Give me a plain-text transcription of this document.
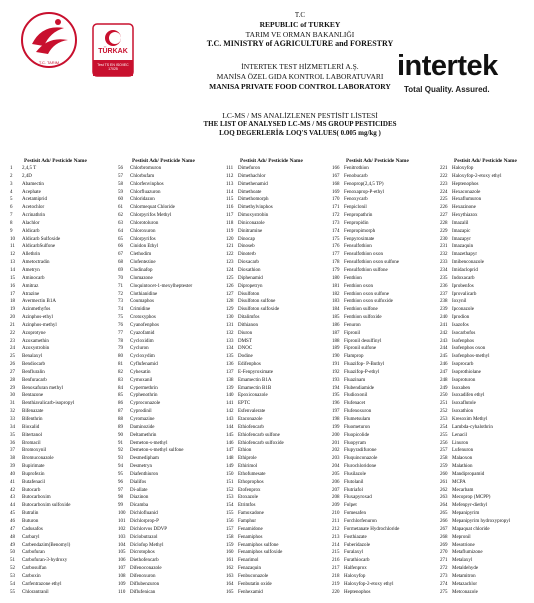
T.C. TARIM
TÜRKAK
Test TS EN ISO/IEC 17025
T.C
REPUBLIC of TURKEY
TARIM VE ORMAN BAKANLIĞI
T.C. MINISTRY of AGRICULTURE and FORESTRY
İNTERTEK TEST HİZMETLERİ A.Ş.
MANİSA ÖZEL GIDA KONTROL LABORATUVARI
MANISA PRIVATE FOOD CONTROL LABORATORY
LC-MS / MS ANALİZLENEN PESTİSİT LİSTESİ
THE LIST OF ANALYSED LC-MS / MS GROUP PESTICIDES
LOQ DEGERLERİ& LOQ'S VALUES( 0.005 mg/kg )
intertek
Total Quality. Assured.
Pestisit Adı/ Pesticide Name
1	2,4,5 T
2	2,4D
3	Abamectin
4	Acephate
5	Acetamiprid
6	Acetochlor
7	Acrinathrin
8	Alachlor
9	Aldicarb
10	Aldicarb Sulfoxide
11	AldicarbSulfone
12	Allethrin
13	Ametoctradin
14	Ametryn
15	Aminocarb
16	Amitraz
17	Atrazine
18	Avermectin B1A
19	Azinmethyfos
20	Azinphos-ethyl
21	Azinphos-methyl
22	Azoprotyne
23	Azoxamethin
24	Azoxystrobin
25	Benalaxyl
26	Bendiocarb
27	Benfluralin
28	Benfuracarb
29	Benoxafuran methyl
30	Bentazone
31	Benthiavalicarb-isopropyl
32	Bifenazate
33	Bifenthrin
34	Bioxalid
35	Bitertanol
36	Bromacil
37	Bromoxynil
38	Bromuconazole
39	Bupirimate
40	Buprofezin
41	Butafenacil
42	Butocarb
43	Butocarboxim
44	Butocarboxim sulfoxide
45	Butralin
46	Buturon
47	Cadusafos
48	Carbaryl
49	Carbendazim(Benomyl)
50	Carbofuran
51	Carbofuran-3-hydroxy
52	Carbosulfan
53	Carboxin
54	Carfentrazone ethyl
55	Chlorantranil
Pestisit Adı/ Pesticide Name
56	Chlorbromuron
57	Chlorbufam
58	Chlorfenvinphos
59	Chlorfluazuron
60	Chloridazon
61	Chlormequat Chloride
62	Chlorpyrifos Methyl
63	Chlorotoluron
64	Chloroxuron
65	Chlorpyrifos
66	Cinidon Ethyl
67	Clethodim
68	Clofentezine
69	Clodinafop
70	Clomazone
71	Cloquintocet-1-mexylheptester
72	Clothianidine
73	Coumaphos
74	Crimidine
75	Crotoxyphos
76	Cyanofenphos
77	Cyazofamid
78	Cycloxidim
79	Cycluron
80	Cycloxydim
81	Cyflufenamid
82	Cyhexatin
83	Cymoxanil
84	Cypermethrin
85	Cyphenothrin
86	Cyproconazole
87	Cyprodinil
88	Cyromazine
89	Daminozide
90	Deltamethrin
91	Demeton-s-methyl
92	Demeton-s-methyl sulfone
93	Desmedipham
94	Desmetryn
95	Diafenthiuron
96	Dialifos
97	Di-allate
98	Diazinon
99	Dicamba
100 Dichlofluanid
101 Dichlorprop-P
102 Dichlorvos DDVP
103 Diclobutrazol
104 Diclofop Methyl
105 Dicrotophos
106 Diethofencarb
107 Difenoconazole
108 Difenoxuron
109 Diflubenzuron
110 Diflufenican
Pestisit Adı/ Pesticide Name
111 Dimefuron
112 Dimethachlor
113 Dimethenamid
114 Dimethoate
115 Dimethomorph
116 Dimethylvinphos
117 Dimoxystrobin
118 Diniconazole
119 Dinitramine
120 Dinocap
121 Dinoseb
122 Dinoterb
123 Dioxacarb
124 Dioxathion
125 Diphenamid
126 Dipropetryn
127 Disulfoton
128 Disulfoton sulfone
129 Disulfoton sulfoxide
130 Ditalimfos
131 Dithianon
132 Diuron
133 DMST
134 DNOC
135 Dodine
136 Edifenphos
137 E-Fenpyroximate
138 Emamectin B1A
139 Emamectin B1B
140 Epoxiconazole
141 EPTC
142 Esfenvalerate
143 Etaconazole
144 Ethiofencarb
145 Ethiofencarb sulfone
146 Ethiofencarb sulfoxide
147 Ethion
148 Ethiprole
149 Ethirimol
150 Ethofumesate
151 Ethoprophos
152 Etofenprox
153 Etoxazole
154 Etrimfos
155 Famoxadone
156 Famphur
157 Fenamidone
158 Fenamiphos
159 Fenamiphos sulfone
160 Fenamiphos sulfoxide
161 Fenarimol
162 Fenazaquin
163 Fenbuconazole
164 Fenbutatin oxide
165 Fenhexamid
Pestisit Adı/ Pesticide Name
166 Fenitrothion
167 Fenobucarb
168 Fenoprop(2,4,5 TP)
169 Fenoxaprop-P-ethyl
170 Fenoxycarb
171 Fenpiclonil
172 Fenpropathrin
173 Fenpropidin
174 Fenpropimorph
175 Fenpyroximate
176 Fensulfothion
177 Fensulfothion oxon
178 Fensulfothion oxon sulfone
179 Fensulfothion sulfone
180 Fenthion
181 Fenthion oxon
182 Fenthion oxon sulfone
183 Fenthion oxon sulfoxide
184 Fenthion sulfone
185 Fenthion sulfoxide
186 Fenuron
187 Fipronil
188 Fipronil desulfinyl
189 Fipronil sulfone
190 Flamprop
191 Fluazifop- P-Buthyl
192 Fluazifop-P-ethyl
193 Fluazinam
194 Flubendiamide
195 Fludioxonil
196 Flufenacet
197 Flufenoxuron
198 Flumetsulam
199 Fluometuron
200 Fluopicolide
201 Fluopyram
202 Flupyradifurone
203 Fluquinconazole
204 Flurochloridone
205 Flusilazole
206 Flutolanil
207 Flutriafol
208 Fluxapyroxad
209 Folpet
210 Fomesafen
211 Forchlorfenuron
212 Formetanate Hydrochloride
213 Fosthiazate
214 Fuberidazole
215 Furalaxyl
216 Furathiocarb
217 Halfenprox
218 Haloxyfop
219 Haloxyfop-2-etoxy ethyl
220 Heptenophos
Pestisit Adı/ Pesticide Name
221 Haloxyfop
222 Haloxyfop-2-etoxy ethyl
223 Heptenophos
224 Hexaconazole
225 Hexaflumuron
226 Hexazinone
227 Hexythiazox
228 Imazalil
229 Imazapic
230 Imazapyr
231 Imazaquin
232 Imazethapyr
233 Imibenconazole
234 Imidacloprid
235 Indoxacarb
236 Iprobenfos
237 Iprovalicarb
238 Ioxynil
239 Ipconazole
240 Iprodion
241 Isazofos
242 Isocarbofos
243 Isofenphos
244 Isofenphos oxon
245 Isofenphos-methyl
246 Isoprocarb
247 Isoprothiolane
248 Isoproturon
249 Isoxaben
250 Isoxadifen ethyl
251 Isoxaflutole
252 Isoxathion
253 Kresoxim Methyl
254 Lambda-cyhalothrin
255 Lenacil
256 Linuron
257 Lufenuron
258 Malaoxon
259 Malathion
260 Mandipropamid
261 MCPA
262 Mecarbam
263 Mecoprop (MCPP)
264 Mefenpyr-diethyl
265 Mepanipyrim
266 Mepanipyrim hydroxypropyl
267 Mapaquat chloride
268 Mepronil
269 Mesotrione
270 Metaflumizone
271 Metalaxyl
272 Metaldehyde
273 Metamitron
274 Metazachlor
275 Metconazole
